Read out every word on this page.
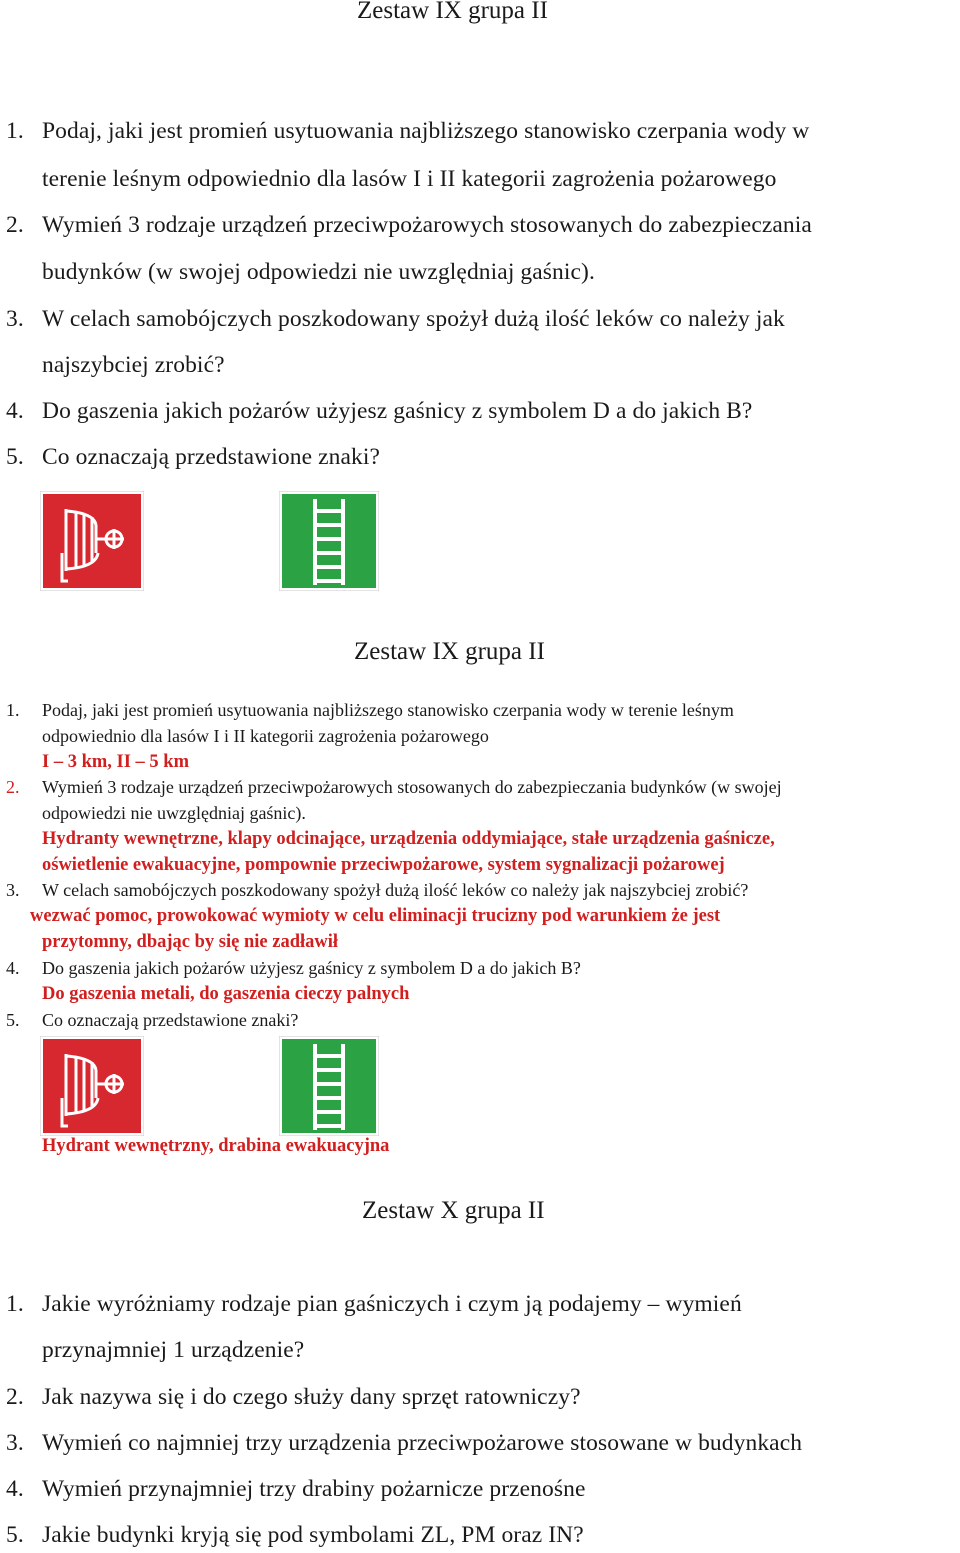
Zestaw IX grupa II
1. Podaj, jaki jest promień usytuowania najbliższego stanowisko czerpania wody w
terenie leśnym odpowiednio dla lasów I i II kategorii zagrożenia pożarowego
2. Wymień 3 rodzaje urządzeń przeciwpożarowych stosowanych do zabezpieczania
budynków (w swojej odpowiedzi nie uwzględniaj gaśnic).
3. W celach samobójczych poszkodowany spożył dużą ilość leków co należy jak
najszybciej zrobić?
4. Do gaszenia jakich pożarów użyjesz gaśnicy z symbolem D a do jakich B?
5. Co oznaczają przedstawione znaki?
Zestaw IX grupa II
1. Podaj, jaki jest promień usytuowania najbliższego stanowisko czerpania wody w terenie leśnym
odpowiednio dla lasów I i II kategorii zagrożenia pożarowego
I – 3 km, II – 5 km
2. Wymień 3 rodzaje urządzeń przeciwpożarowych stosowanych do zabezpieczania budynków (w swojej
odpowiedzi nie uwzględniaj gaśnic).
Hydranty wewnętrzne, klapy odcinające, urządzenia oddymiające, stałe urządzenia gaśnicze,
oświetlenie ewakuacyjne, pompownie przeciwpożarowe, system sygnalizacji pożarowej
3. W celach samobójczych poszkodowany spożył dużą ilość leków co należy jak najszybciej zrobić?
wezwać pomoc, prowokować wymioty w celu eliminacji trucizny pod warunkiem że jest
przytomny, dbając by się nie zadławił
4. Do gaszenia jakich pożarów użyjesz gaśnicy z symbolem D a do jakich B?
Do gaszenia metali, do gaszenia cieczy palnych
5. Co oznaczają przedstawione znaki?
Hydrant wewnętrzny, drabina ewakuacyjna
Zestaw X grupa II
1. Jakie wyróżniamy rodzaje pian gaśniczych i czym ją podajemy – wymień
przynajmniej 1 urządzenie?
2. Jak nazywa się i do czego służy dany sprzęt ratowniczy?
3. Wymień co najmniej trzy urządzenia przeciwpożarowe stosowane w budynkach
4. Wymień przynajmniej trzy drabiny pożarnicze przenośne
5. Jakie budynki kryją się pod symbolami ZL, PM oraz IN?
